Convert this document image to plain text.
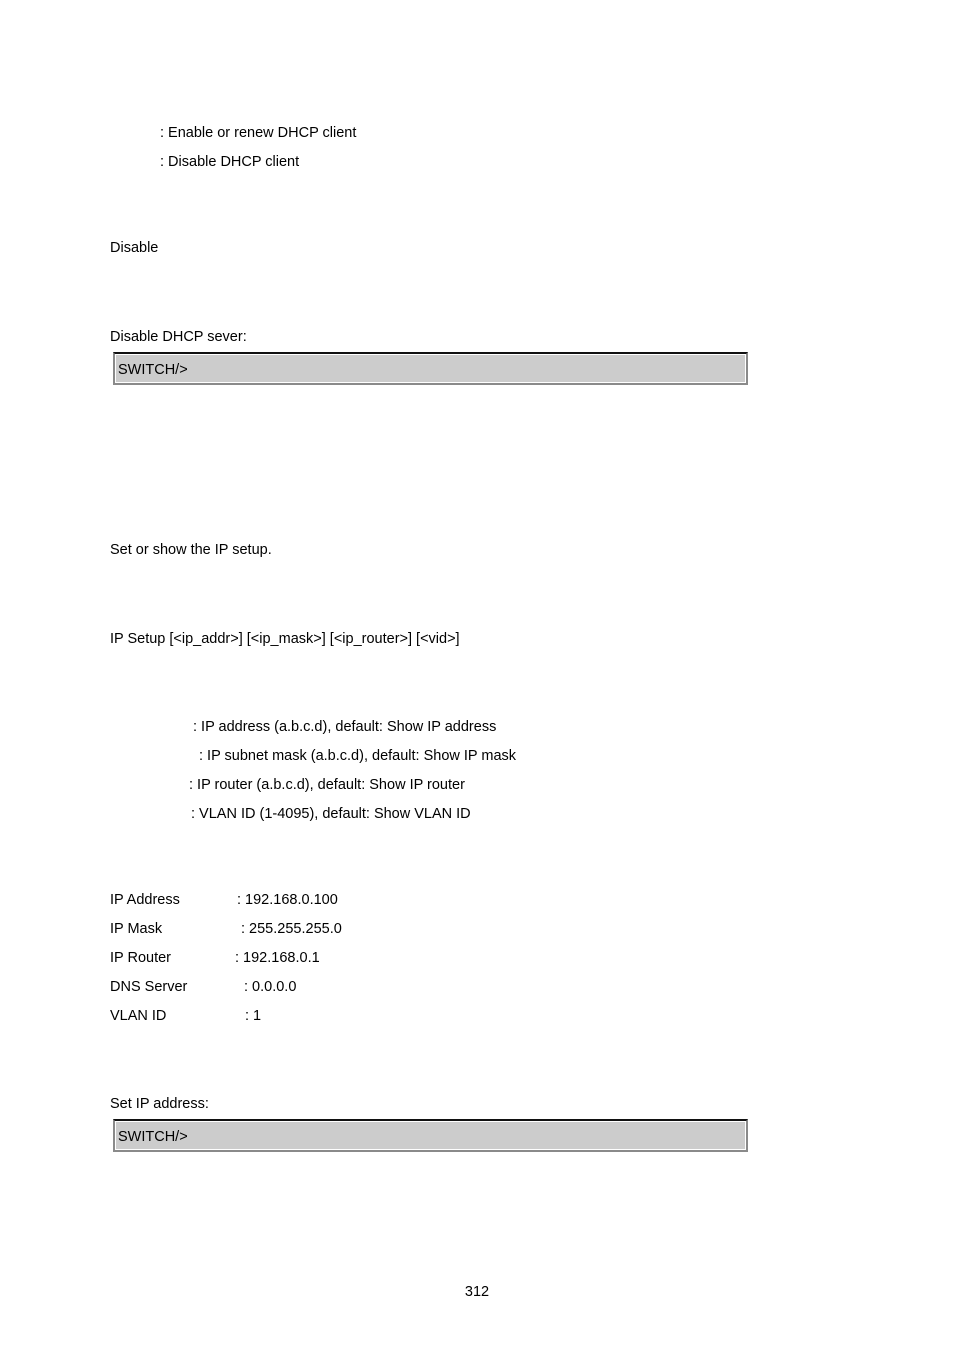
: Enable or renew DHCP client
: Disable DHCP client
Disable
Disable DHCP sever:
SWITCH/>
Set or show the IP setup.
IP Setup [<ip_addr>] [<ip_mask>] [<ip_router>] [<vid>]
: IP address (a.b.c.d), default: Show IP address
: IP subnet mask (a.b.c.d), default: Show IP mask
: IP router (a.b.c.d), default: Show IP router
: VLAN ID (1-4095), default: Show VLAN ID
IP Address	: 192.168.0.100
IP Mask	: 255.255.255.0
IP Router	: 192.168.0.1
DNS Server	: 0.0.0.0
VLAN ID	: 1
Set IP address:
SWITCH/>
312
